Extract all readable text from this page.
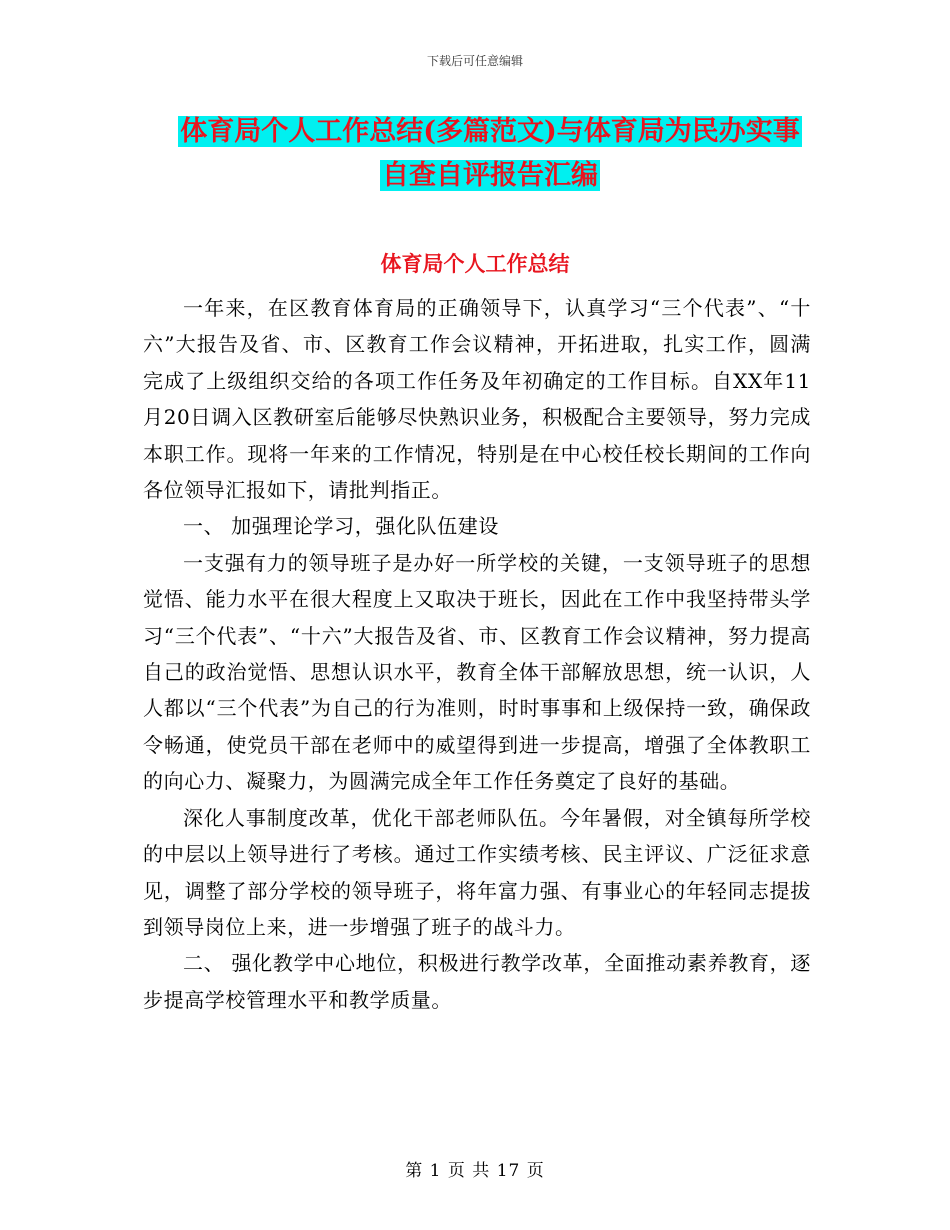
下载后可任意编辑
体育局个人工作总结(多篇范文)与体育局为民办实事
自查自评报告汇编
体育局个人工作总结

一年来，在区教育体育局的正确领导下，认真学习“三个代表”、“十六”大报告及省、市、区教育工作会议精神，开拓进取，扎实工作，圆满完成了上级组织交给的各项工作任务及年初确定的工作目标。自XX年11月20日调入区教研室后能够尽快熟识业务，积极配合主要领导，努力完成本职工作。现将一年来的工作情况，特别是在中心校任校长期间的工作向各位领导汇报如下，请批判指正。

一、 加强理论学习，强化队伍建设

一支强有力的领导班子是办好一所学校的关键，一支领导班子的思想觉悟、能力水平在很大程度上又取决于班长，因此在工作中我坚持带头学习“三个代表”、“十六”大报告及省、市、区教育工作会议精神，努力提高自己的政治觉悟、思想认识水平，教育全体干部解放思想，统一认识，人人都以“三个代表”为自己的行为准则，时时事事和上级保持一致，确保政令畅通，使党员干部在老师中的威望得到进一步提高，增强了全体教职工的向心力、凝聚力，为圆满完成全年工作任务奠定了良好的基础。

深化人事制度改革，优化干部老师队伍。今年暑假，对全镇每所学校的中层以上领导进行了考核。通过工作实绩考核、民主评议、广泛征求意见，调整了部分学校的领导班子，将年富力强、有事业心的年轻同志提拔到领导岗位上来，进一步增强了班子的战斗力。

二、 强化教学中心地位，积极进行教学改革，全面推动素养教育，逐步提高学校管理水平和教学质量。

第 1 页 共 17 页
